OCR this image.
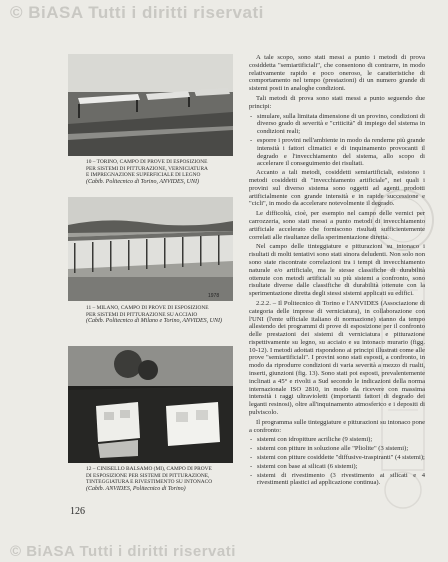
© BiASA Tutti i diritti riservati
10 – TORINO, CAMPO DI PROVE DI ESPOSIZIONE
PER SISTEMI DI PITTURAZIONE, VERNICIATURA
E IMPREGNAZIONE SUPERFICIALE DI LEGNO
(Cabib. Politecnico di Torino, ANVIDES, UNI)
1978
11 – MILANO, CAMPO DI PROVE DI ESPOSIZIONE
PER SISTEMI DI PITTURAZIONE SU ACCIAIO
(Cabib. Politecnico di Milano e Torino, ANVIDES, UNI)
12 – CINISELLO BALSAMO (MI), CAMPO DI PROVE
DI ESPOSIZIONE PER SISTEMI DI PITTURAZIONE,
TINTEGGIATURA E RIVESTIMENTO SU INTONACO
(Cabib. ANVIDES, Politecnico di Torino)

A tale scopo, sono stati messi a punto i metodi di prova cosiddetta "semiartificiali", che consentono di contrarre, in modo relativamente rapido e poco oneroso, le caratteristiche di comportamento nel tempo (prestazioni) di un numero grande di sistemi posti in analoghe condizioni.

Tali metodi di prova sono stati messi a punto seguendo due principi:

- simulare, sulla limitata dimensione di un provino, condizioni di diverso grado di severità e "criticità" di impiego del sistema in condizioni reali;
- esporre i provini nell'ambiente in modo da renderne più grande intensità i fattori climatici e di inquinamento provocanti il degrado e l'invecchiamento del sistema, allo scopo di accelerare il conseguimento dei risultati.

Accanto a tali metodi, cosiddetti semiartificiali, esistono i metodi cosiddetti di "invecchiamento artificiale", nei quali i provini sul diverso sistema sono oggetti ad agenti prodotti artificialmente con grande intensità e in rapide successione e "cicli", in modo da accelerare notevolmente il degrado.

Le difficoltà, cioè, per esempio nel campo delle vernici per carrozzeria, sono stati messi a punto metodi di invecchiamento artificiale accelerato che forniscono risultati sufficientemente correlati alle risultanze della sperimentazione diretta.

Nel campo delle tinteggiature e pitturazioni su intonaco i risultati di molti tentativi sono stati sinora deludenti. Non solo non sono state riscontrate correlazioni tra i tempi di invecchiamento naturale e/o artificiale, ma le stesse classifiche di durabilità ottenute con metodi artificiali su più sistemi a confronto, sono risultate diverse dalle classifiche di durabilità ottenute con la sperimentazione diretta degli stessi sistemi applicati su edifici.

2.2.2. – Il Politecnico di Torino e l'ANVIDES (Associazione di categoria delle imprese di verniciatura), in collaborazione con l'UNI (l'ente ufficiale italiano di normazione) stanno da tempo allestendo dei programmi di prove di esposizione per il confronto delle prestazioni dei sistemi di verniciatura e pitturazione rispettivamente su legno, su acciaio e su intonaco murario (figg. 10-12). I metodi adottati rispondono ai principi illustrati come alle prove "semiartificiali". I provini sono stati esposti, a confronto, in modo da riprodurre condizioni di varia severità a mezzo di rualti, inserti, giunzioni (fig. 13). Sono stati poi esposti, prevalentemente inclinati a 45° e rivolti a Sud secondo le indicazioni della norma internazionale ISO 2810, in modo da ricevere con massima intensità i raggi ultravioletti (importanti fattori di degrado dei leganti resinosi), oltre all'inquinamento atmosferico e i depositi di pulviscolo.

Il programma sulle tinteggiature e pitturazioni su intonaco pone a confronto:

- sistemi con idropitture acriliche (9 sistemi);
- sistemi con pitture in soluzione alle "Pliolite" (3 sistemi);
- sistemi con pitture cosiddette "diffusive-traspiranti" (4 sistemi);
- sistemi con base ai silicati (6 sistemi);
- sistemi di rivestimento (3 rivestimento ai silicati e 4 rivestimenti plastici ad applicazione continua).
126
© BiASA Tutti i diritti riservati
